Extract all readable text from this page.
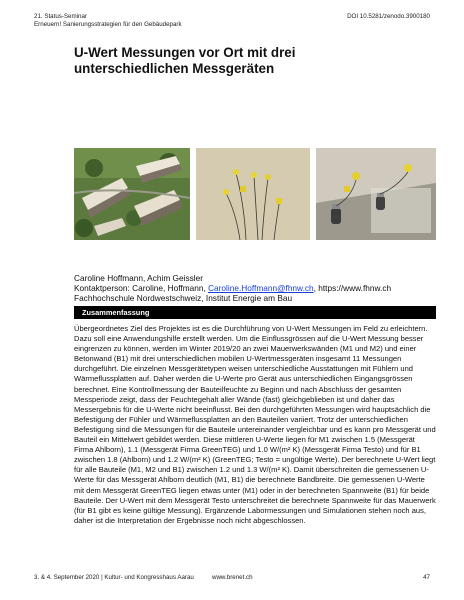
21. Status-Seminar
Erneuern! Sanierungsstrategien für den Gebäudepark
DOI 10.5281/zenodo.3900180
U-Wert Messungen vor Ort mit drei unterschiedlichen Messgeräten
Caroline Hoffmann, Achim Geissler
Kontaktperson: Caroline, Hoffmann, Caroline.Hoffmann@fhnw.ch, https://www.fhnw.ch
Fachhochschule Nordwestschweiz, Institut Energie am Bau
Zusammenfassung
Übergeordnetes Ziel des Projektes ist es die Durchführung von U-Wert Messungen im Feld zu erleichtern. Dazu soll eine Anwendungshilfe erstellt werden. Um die Einflussgrössen auf die U-Wert Messung besser eingrenzen zu können, werden im Winter 2019/20 an zwei Mauerwerkswänden (M1 und M2) und einer Betonwand (B1) mit drei unterschiedlichen mobilen U-Wertmessgeräten insgesamt 11 Messungen durchgeführt. Die einzelnen Messgerätetypen weisen unterschiedliche Ausstattungen mit Fühlern und Wärmeflussplatten auf. Daher werden die U-Werte pro Gerät aus unterschiedlichen Eingangsgrössen berechnet. Eine Kontrollmessung der Bauteilfeuchte zu Beginn und nach Abschluss der gesamten Messperiode zeigt, dass der Feuchtegehalt aller Wände (fast) gleichgeblieben ist und daher das Messergebnis für die U-Werte nicht beeinflusst. Bei den durchgeführten Messungen wird hauptsächlich die Befestigung der Fühler und Wärmeflussplatten an den Bauteilen variiert. Trotz der unterschiedlichen Befestigung sind die Messungen für die Bauteile untereinander vergleichbar und es kann pro Messgerät und Bauteil ein Mittelwert gebildet werden. Diese mittleren U-Werte liegen für M1 zwischen 1.5 (Messgerät Firma Ahlborn), 1.1 (Messgerät Firma GreenTEG) und 1.0 W/(m² K) (Messgerät Firma Testo) und für B1 zwischen 1.8 (Ahlborn) und 1.2 W/(m² K) (GreenTEG; Testo = ungültige Werte). Der berechnete U-Wert liegt für alle Bauteile (M1, M2 und B1) zwischen 1.2 und 1.3 W/(m² K). Damit überschreiten die gemessenen U-Werte für das Messgerät Ahlborn deutlich (M1, B1) die berechnete Bandbreite. Die gemessenen U-Werte mit dem Messgerät GreenTEG liegen etwas unter (M1) oder in der berechneten Spannweite (B1) für beide Bauteile. Der U-Wert mit dem Messgerät Testo unterschreitet die berechnete Spannweite für das Mauerwerk (für B1 gibt es keine gültige Messung). Ergänzende Labormessungen und Simulationen stehen noch aus, daher ist die Interpretation der Ergebnisse noch nicht abgeschlossen.
3. & 4. September 2020 | Kultur- und Kongresshaus Aarau	www.brenet.ch	47
